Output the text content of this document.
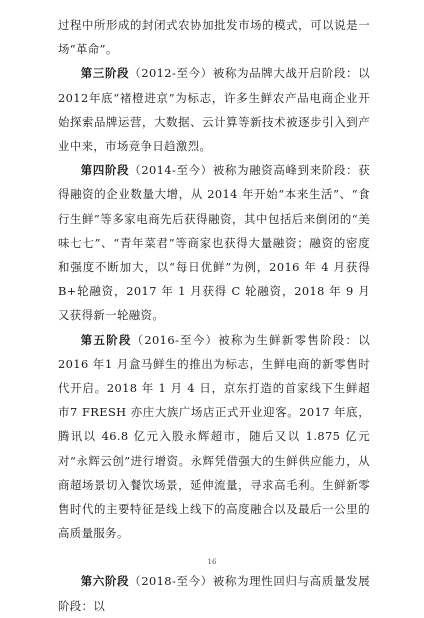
过程中所形成的封闭式农协加批发市场的模式，可以说是一场“革命”。

第三阶段（2012-至今）被称为品牌大战开启阶段：以2012年底“褚橙进京”为标志，许多生鲜农产品电商企业开始探索品牌运营，大数据、云计算等新技术被逐步引入到产业中来，市场竞争日趋激烈。

第四阶段（2014-至今）被称为融资高峰到来阶段：获得融资的企业数量大增，从 2014 年开始“本来生活”、“食行生鲜”等多家电商先后获得融资，其中包括后来倒闭的“美味七七”、“青年菜君”等商家也获得大量融资；融资的密度和强度不断加大，以“每日优鲜”为例，2016 年 4 月获得B+轮融资，2017 年 1 月获得 C 轮融资，2018 年 9 月又获得新一轮融资。

第五阶段（2016-至今）被称为生鲜新零售阶段：以2016 年1 月盒马鲜生的推出为标志，生鲜电商的新零售时代开启。2018 年 1 月 4 日，京东打造的首家线下生鲜超市7 FRESH 亦庄大族广场店正式开业迎客。2017 年底，腾讯以 46.8 亿元入股永辉超市，随后又以 1.875 亿元对“永辉云创”进行增资。永辉凭借强大的生鲜供应能力，从商超场景切入餐饮场景，延伸流量，寻求高毛利。生鲜新零售时代的主要特征是线上线下的高度融合以及最后一公里的高质量服务。

第六阶段（2018-至今）被称为理性回归与高质量发展阶段：以

16
